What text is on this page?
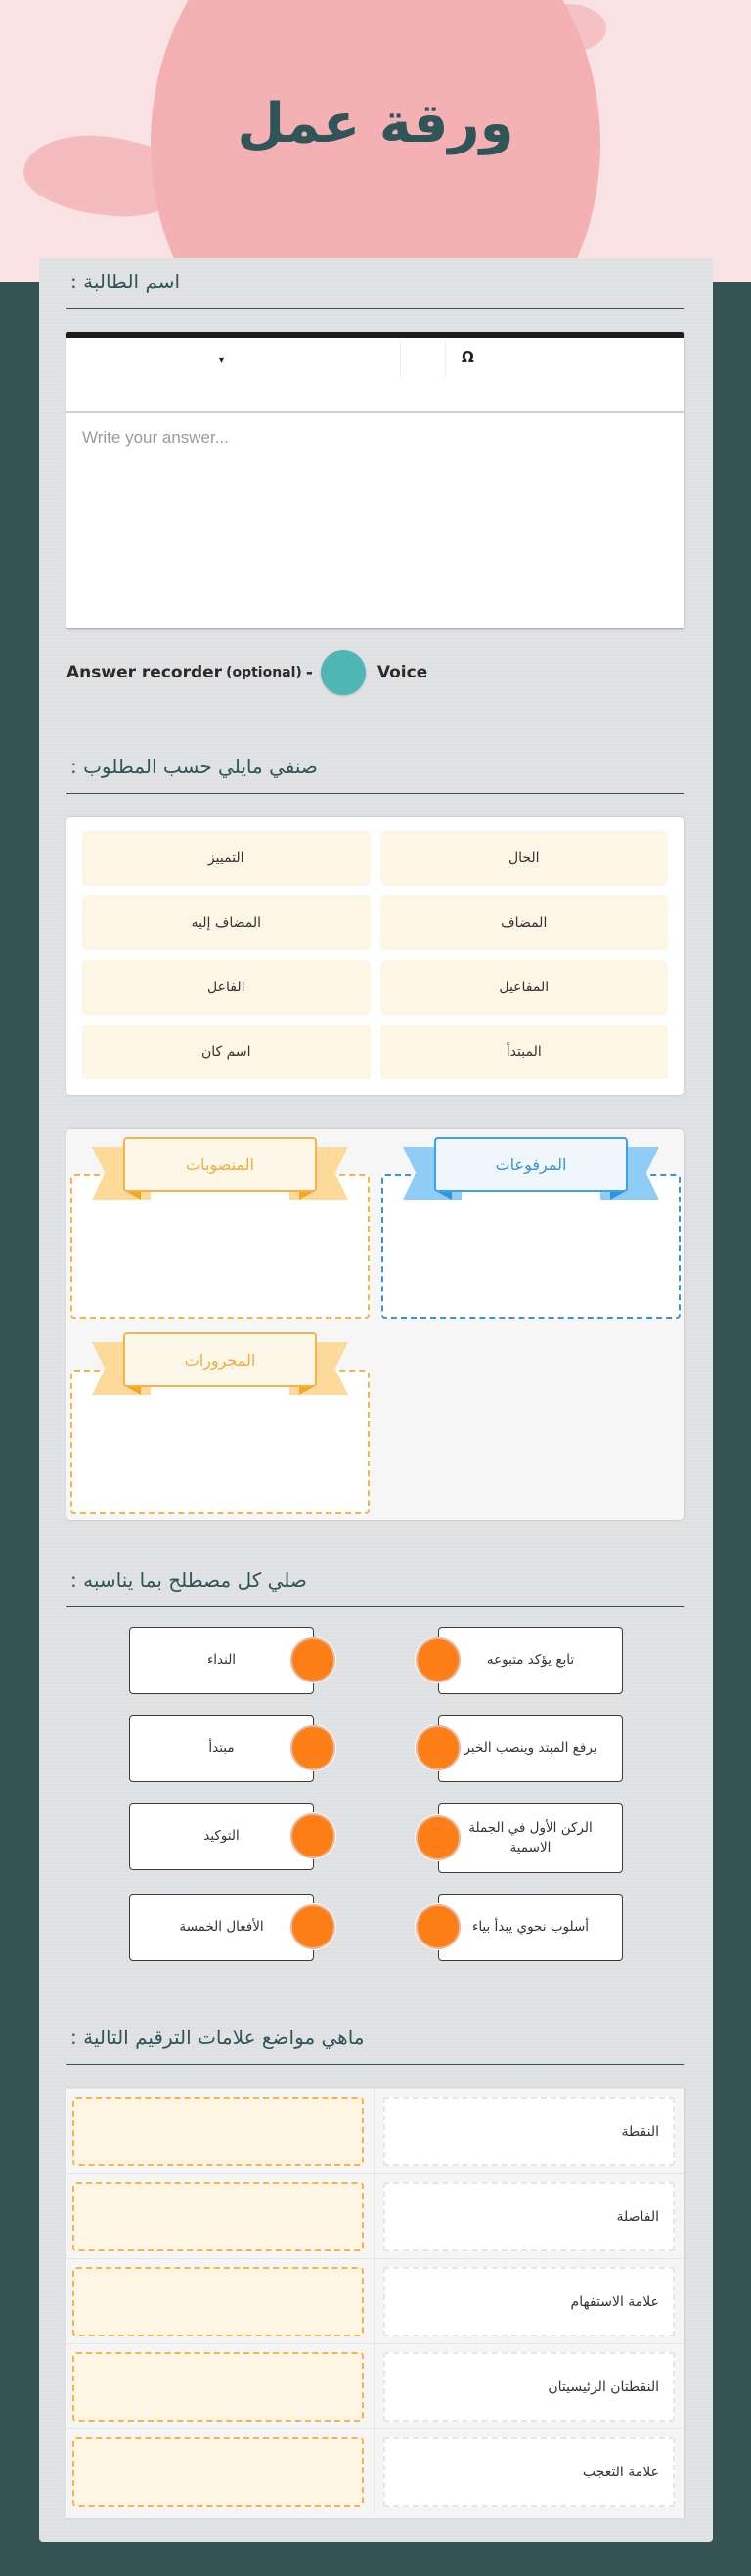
ورقة عمل
اسم الطالبة :
▾	Ω
Write your answer...
Answer recorder (optional) -	Voice
صنفي مايلي حسب المطلوب :
الحال
التمييز
المضاف
المضاف إليه
المفاعيل
الفاعل
المبتدأ
اسم كان
المرفوعات
المنصوبات
المجرورات
صلي كل مصطلح بما يناسبه :
تابع يؤكد متبوعه
يرفع المبتد وينصب الخبر
الركن الأول في الجملة الاسمية
أسلوب نحوي يبدأ بياء
النداء
مبتدأ
التوكيد
الأفعال الخمسة
ماهي مواضع علامات الترقيم التالية :
النقطة
الفاصلة
علامة الاستفهام
النقطتان الرئيسيتان
علامة التعجب
